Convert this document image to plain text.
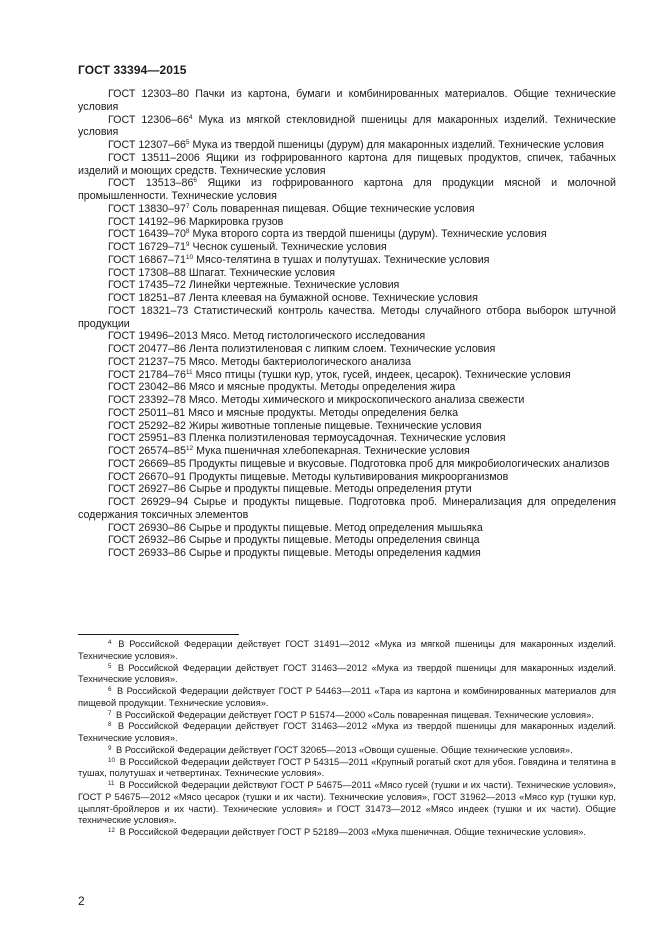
ГОСТ 33394—2015

ГОСТ 12303–80 Пачки из картона, бумаги и комбинированных материалов. Общие технические условия

ГОСТ $12306-66^4$ Мука из мягкой стекловидной пшеницы для макаронных изделий. Технические условия

ГОСТ $12307-66^5$ Мука из твердой пшеницы (дурум) для макаронных изделий. Технические условия

ГОСТ 13511–2006 Ящики из гофрированного картона для пищевых продуктов, спичек, табачных изделий и моющих средств. Технические условия

ГОСТ $13513-86^6$ Ящики из гофрированного картона для продукции мясной и молочной промышленности. Технические условия

ГОСТ $13830-97^7$ Соль поваренная пищевая. Общие технические условия

ГОСТ 14192–96 Маркировка грузов

ГОСТ $16439-70^8$ Мука второго сорта из твердой пшеницы (дурум). Технические условия

ГОСТ $16729-71^9$ Чеснок сушеный. Технические условия

ГОСТ $16867-71^{10}$ Мясо-телятина в тушах и полутушах. Технические условия

ГОСТ 17308–88 Шпагат. Технические условия

ГОСТ 17435–72 Линейки чертежные. Технические условия

ГОСТ 18251–87 Лента клеевая на бумажной основе. Технические условия

ГОСТ 18321–73 Статистический контроль качества. Методы случайного отбора выборок штучной продукции

ГОСТ 19496–2013 Мясо. Метод гистологического исследования

ГОСТ 20477–86 Лента полиэтиленовая с липким слоем. Технические условия

ГОСТ 21237–75 Мясо. Методы бактериологического анализа

ГОСТ $21784-76^{11}$ Мясо птицы (тушки кур, уток, гусей, индеек, цесарок). Технические условия

ГОСТ 23042–86 Мясо и мясные продукты. Методы определения жира

ГОСТ 23392–78 Мясо. Методы химического и микроскопического анализа свежести

ГОСТ 25011–81 Мясо и мясные продукты. Методы определения белка

ГОСТ 25292–82 Жиры животные топленые пищевые. Технические условия

ГОСТ 25951–83 Пленка полиэтиленовая термоусадочная. Технические условия

ГОСТ $26574-85^{12}$ Мука пшеничная хлебопекарная. Технические условия

ГОСТ 26669–85 Продукты пищевые и вкусовые. Подготовка проб для микробиологических анализов

ГОСТ 26670–91 Продукты пищевые. Методы культивирования микроорганизмов

ГОСТ 26927–86 Сырье и продукты пищевые. Методы определения ртути

ГОСТ 26929–94 Сырье и продукты пищевые. Подготовка проб. Минерализация для определения содержания токсичных элементов

ГОСТ 26930–86 Сырье и продукты пищевые. Метод определения мышьяка

ГОСТ 26932–86 Сырье и продукты пищевые. Методы определения свинца

ГОСТ 26933–86 Сырье и продукты пищевые. Методы определения кадмия

$^4$ В Российской Федерации действует ГОСТ 31491—2012 «Мука из мягкой пшеницы для макаронных изделий. Технические условия».

$^5$ В Российской Федерации действует ГОСТ 31463—2012 «Мука из твердой пшеницы для макаронных изделий. Технические условия».

$^6$ В Российской Федерации действует ГОСТ Р 54463—2011 «Тара из картона и комбинированных материалов для пищевой продукции. Технические условия».

$^7$ В Российской Федерации действует ГОСТ Р 51574—2000 «Соль поваренная пищевая. Технические условия».

$^8$ В Российской Федерации действует ГОСТ 31463—2012 «Мука из твердой пшеницы для макаронных изделий. Технические условия».

$^9$ В Российской Федерации действует ГОСТ 32065—2013 «Овощи сушеные. Общие технические условия».

$^{10}$ В Российской Федерации действует ГОСТ Р 54315—2011 «Крупный рогатый скот для убоя. Говядина и телятина в тушах, полутушах и четвертинах. Технические условия».

$^{11}$ В Российской Федерации действуют ГОСТ Р 54675—2011 «Мясо гусей (тушки и их части). Технические условия», ГОСТ Р 54675—2012 «Мясо цесарок (тушки и их части). Технические условия», ГОСТ 31962—2013 «Мясо кур (тушки кур, цыплят-бройлеров и их части). Технические условия» и ГОСТ 31473—2012 «Мясо индеек (тушки и их части). Общие технические условия».

$^{12}$ В Российской Федерации действует ГОСТ Р 52189—2003 «Мука пшеничная. Общие технические условия».

2
